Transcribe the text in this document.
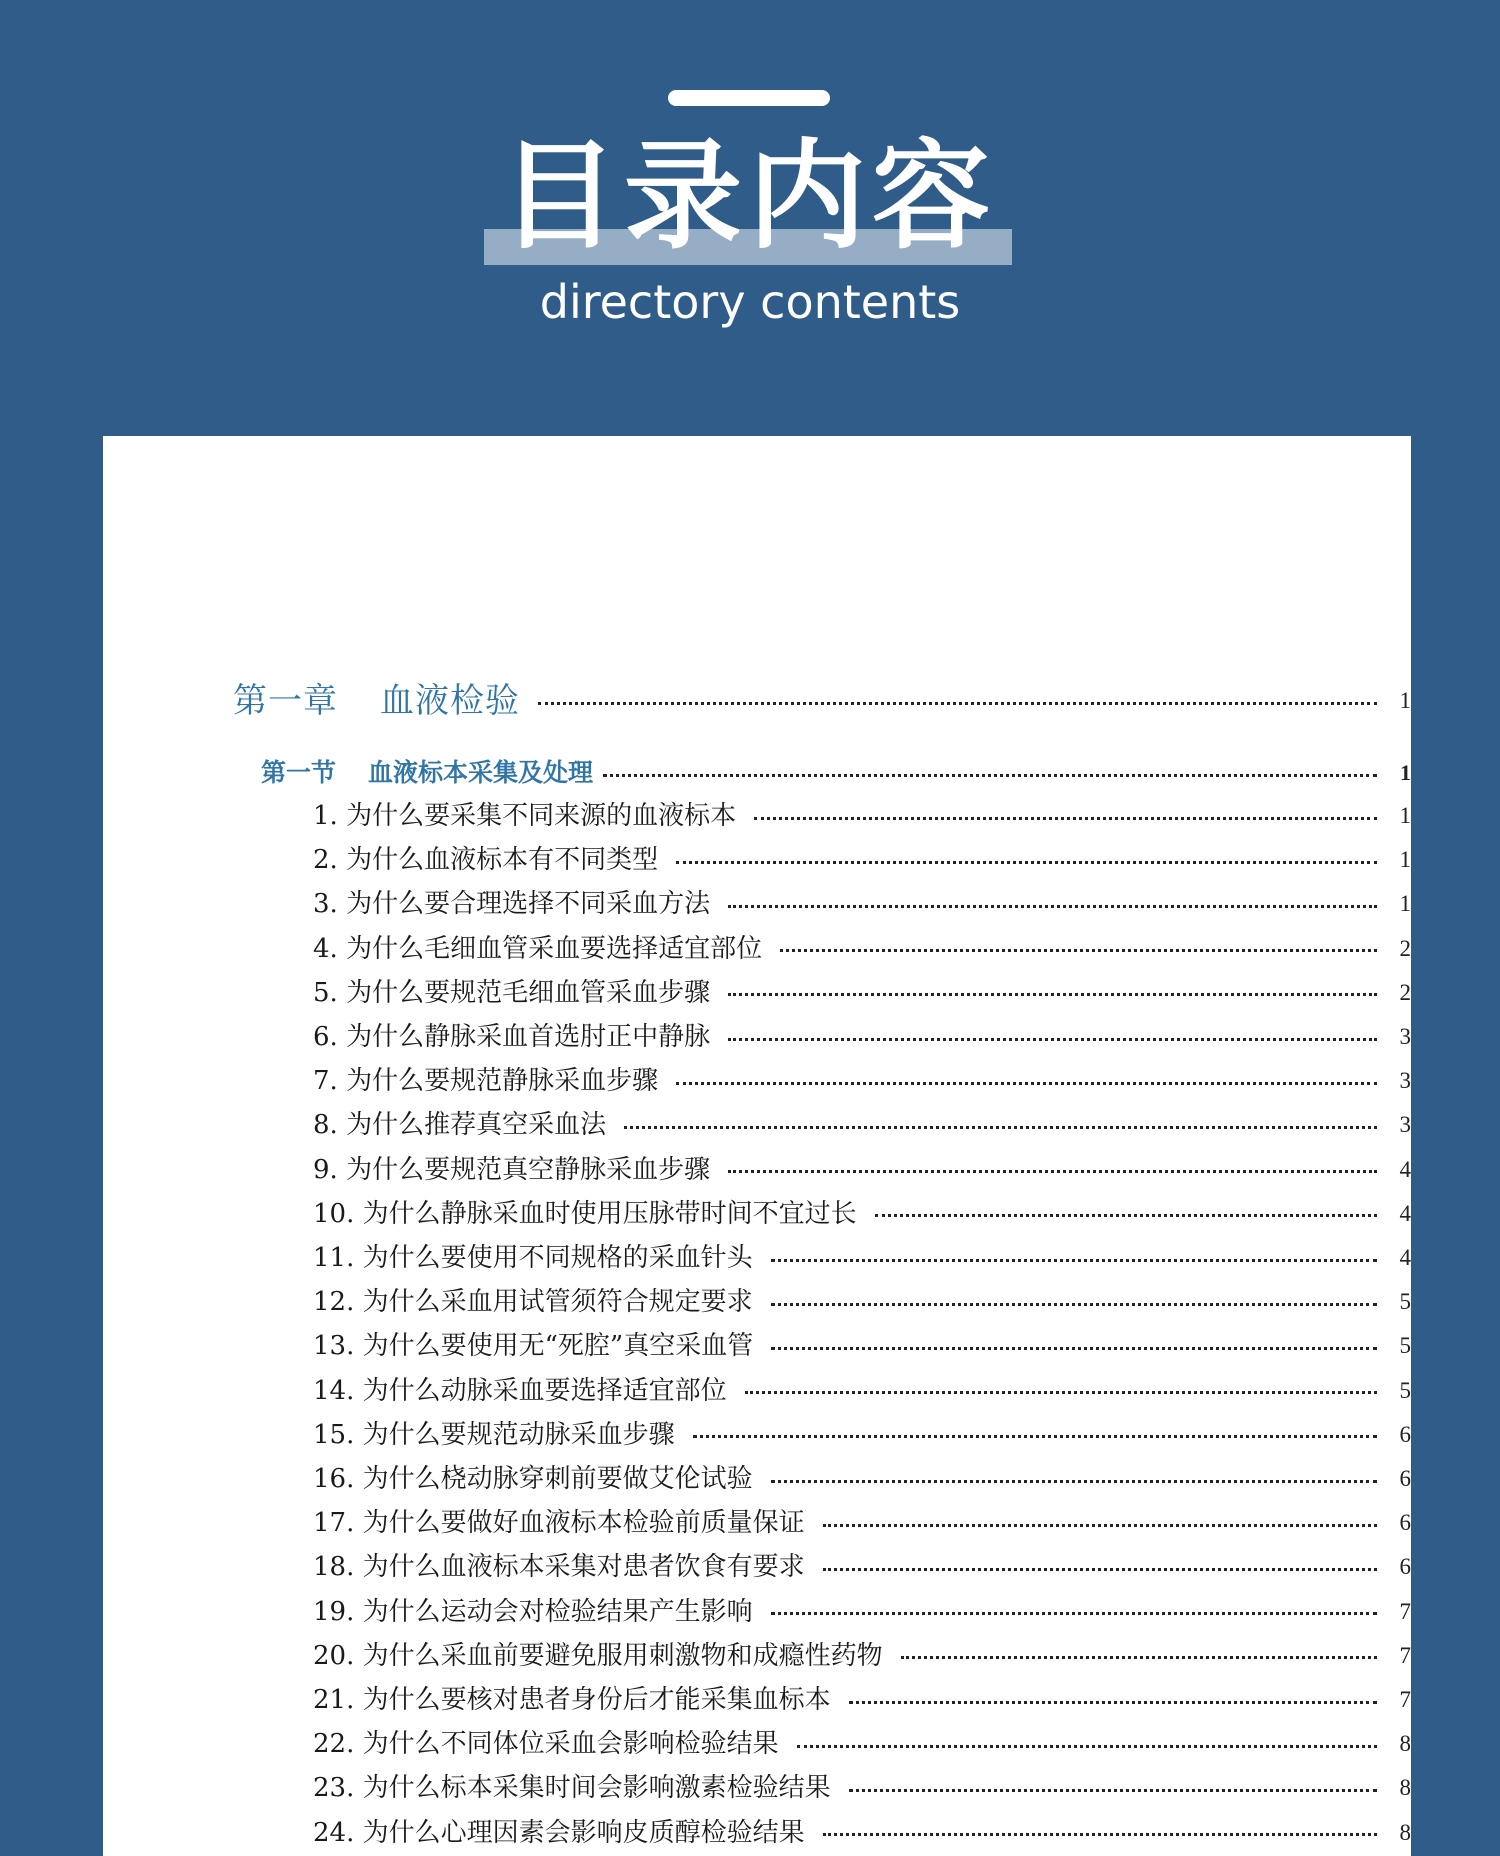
目录内容
directory contents
第一章 血液检验	1
第一节 血液标本采集及处理	1
1. 为什么要采集不同来源的血液标本	1
2. 为什么血液标本有不同类型	1
3. 为什么要合理选择不同采血方法	1
4. 为什么毛细血管采血要选择适宜部位	2
5. 为什么要规范毛细血管采血步骤	2
6. 为什么静脉采血首选肘正中静脉	3
7. 为什么要规范静脉采血步骤	3
8. 为什么推荐真空采血法	3
9. 为什么要规范真空静脉采血步骤	4
10. 为什么静脉采血时使用压脉带时间不宜过长	4
11. 为什么要使用不同规格的采血针头	4
12. 为什么采血用试管须符合规定要求	5
13. 为什么要使用无“死腔”真空采血管	5
14. 为什么动脉采血要选择适宜部位	5
15. 为什么要规范动脉采血步骤	6
16. 为什么桡动脉穿刺前要做艾伦试验	6
17. 为什么要做好血液标本检验前质量保证	6
18. 为什么血液标本采集对患者饮食有要求	6
19. 为什么运动会对检验结果产生影响	7
20. 为什么采血前要避免服用刺激物和成瘾性药物	7
21. 为什么要核对患者身份后才能采集血标本	7
22. 为什么不同体位采血会影响检验结果	8
23. 为什么标本采集时间会影响激素检验结果	8
24. 为什么心理因素会影响皮质醇检验结果	8
